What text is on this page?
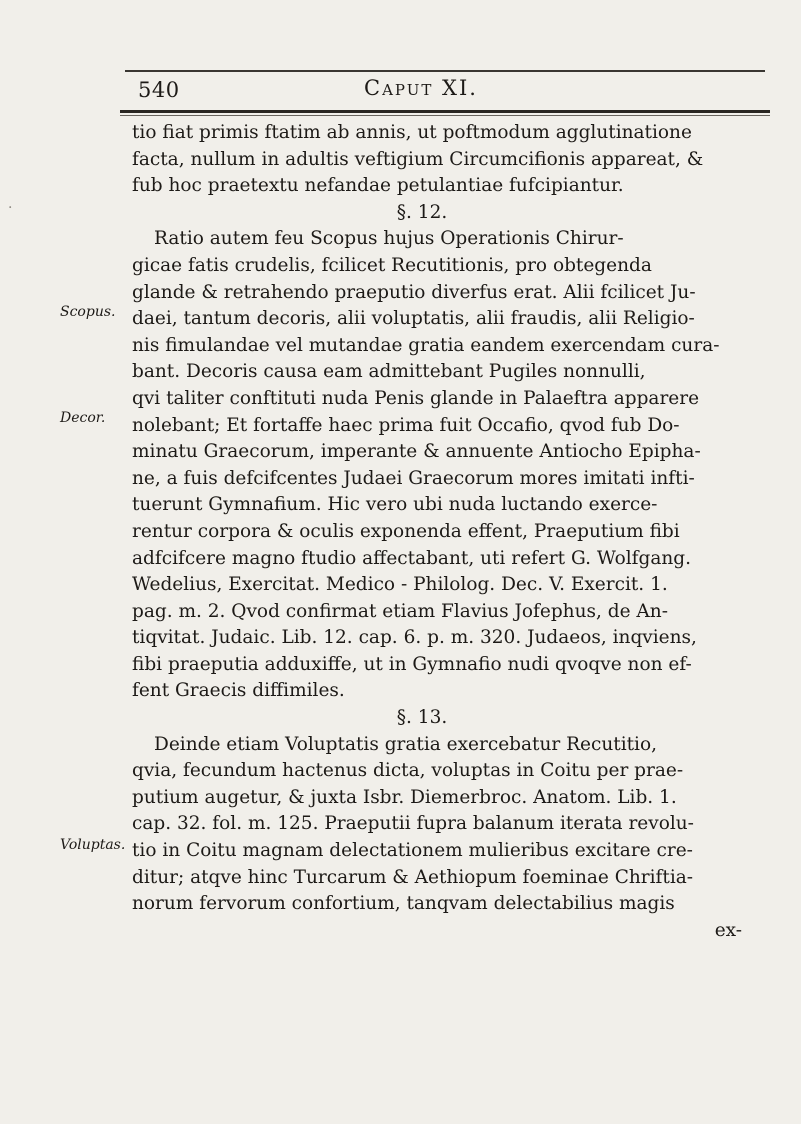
540	Caput XI.
Scopus.
Decor.
Voluptas.
·
tio fiat primis ftatim ab annis, ut poftmodum agglutinatione
facta, nullum in adultis veftigium Circumcifionis appareat, &
fub hoc praetextu nefandae petulantiae fufcipiantur.
§. 12.
Ratio autem feu Scopus hujus Operationis Chirur-
gicae fatis crudelis, fcilicet Recutitionis, pro obtegenda
glande & retrahendo praeputio diverfus erat. Alii fcilicet Ju-
daei, tantum decoris, alii voluptatis, alii fraudis, alii Religio-
nis fimulandae vel mutandae gratia eandem exercendam cura-
bant. Decoris causa eam admittebant Pugiles nonnulli,
qvi taliter conftituti nuda Penis glande in Palaeftra apparere
nolebant; Et fortaffe haec prima fuit Occafio, qvod fub Do-
minatu Graecorum, imperante & annuente Antiocho Epipha-
ne, a fuis defcifcentes Judaei Graecorum mores imitati infti-
tuerunt Gymnafium. Hic vero ubi nuda luctando exerce-
rentur corpora & oculis exponenda effent, Praeputium fibi
adfcifcere magno ftudio affectabant, uti refert G. Wolfgang.
Wedelius, Exercitat. Medico - Philolog. Dec. V. Exercit. 1.
pag. m. 2. Qvod confirmat etiam Flavius Jofephus, de An-
tiqvitat. Judaic. Lib. 12. cap. 6. p. m. 320. Judaeos, inqviens,
fibi praeputia adduxiffe, ut in Gymnafio nudi qvoqve non ef-
fent Graecis diffimiles.
§. 13.
Deinde etiam Voluptatis gratia exercebatur Recutitio,
qvia, fecundum hactenus dicta, voluptas in Coitu per prae-
putium augetur, & juxta Isbr. Diemerbroc. Anatom. Lib. 1.
cap. 32. fol. m. 125. Praeputii fupra balanum iterata revolu-
tio in Coitu magnam delectationem mulieribus excitare cre-
ditur; atqve hinc Turcarum & Aethiopum foeminae Chriftia-
norum fervorum confortium, tanqvam delectabilius magis
ex-
